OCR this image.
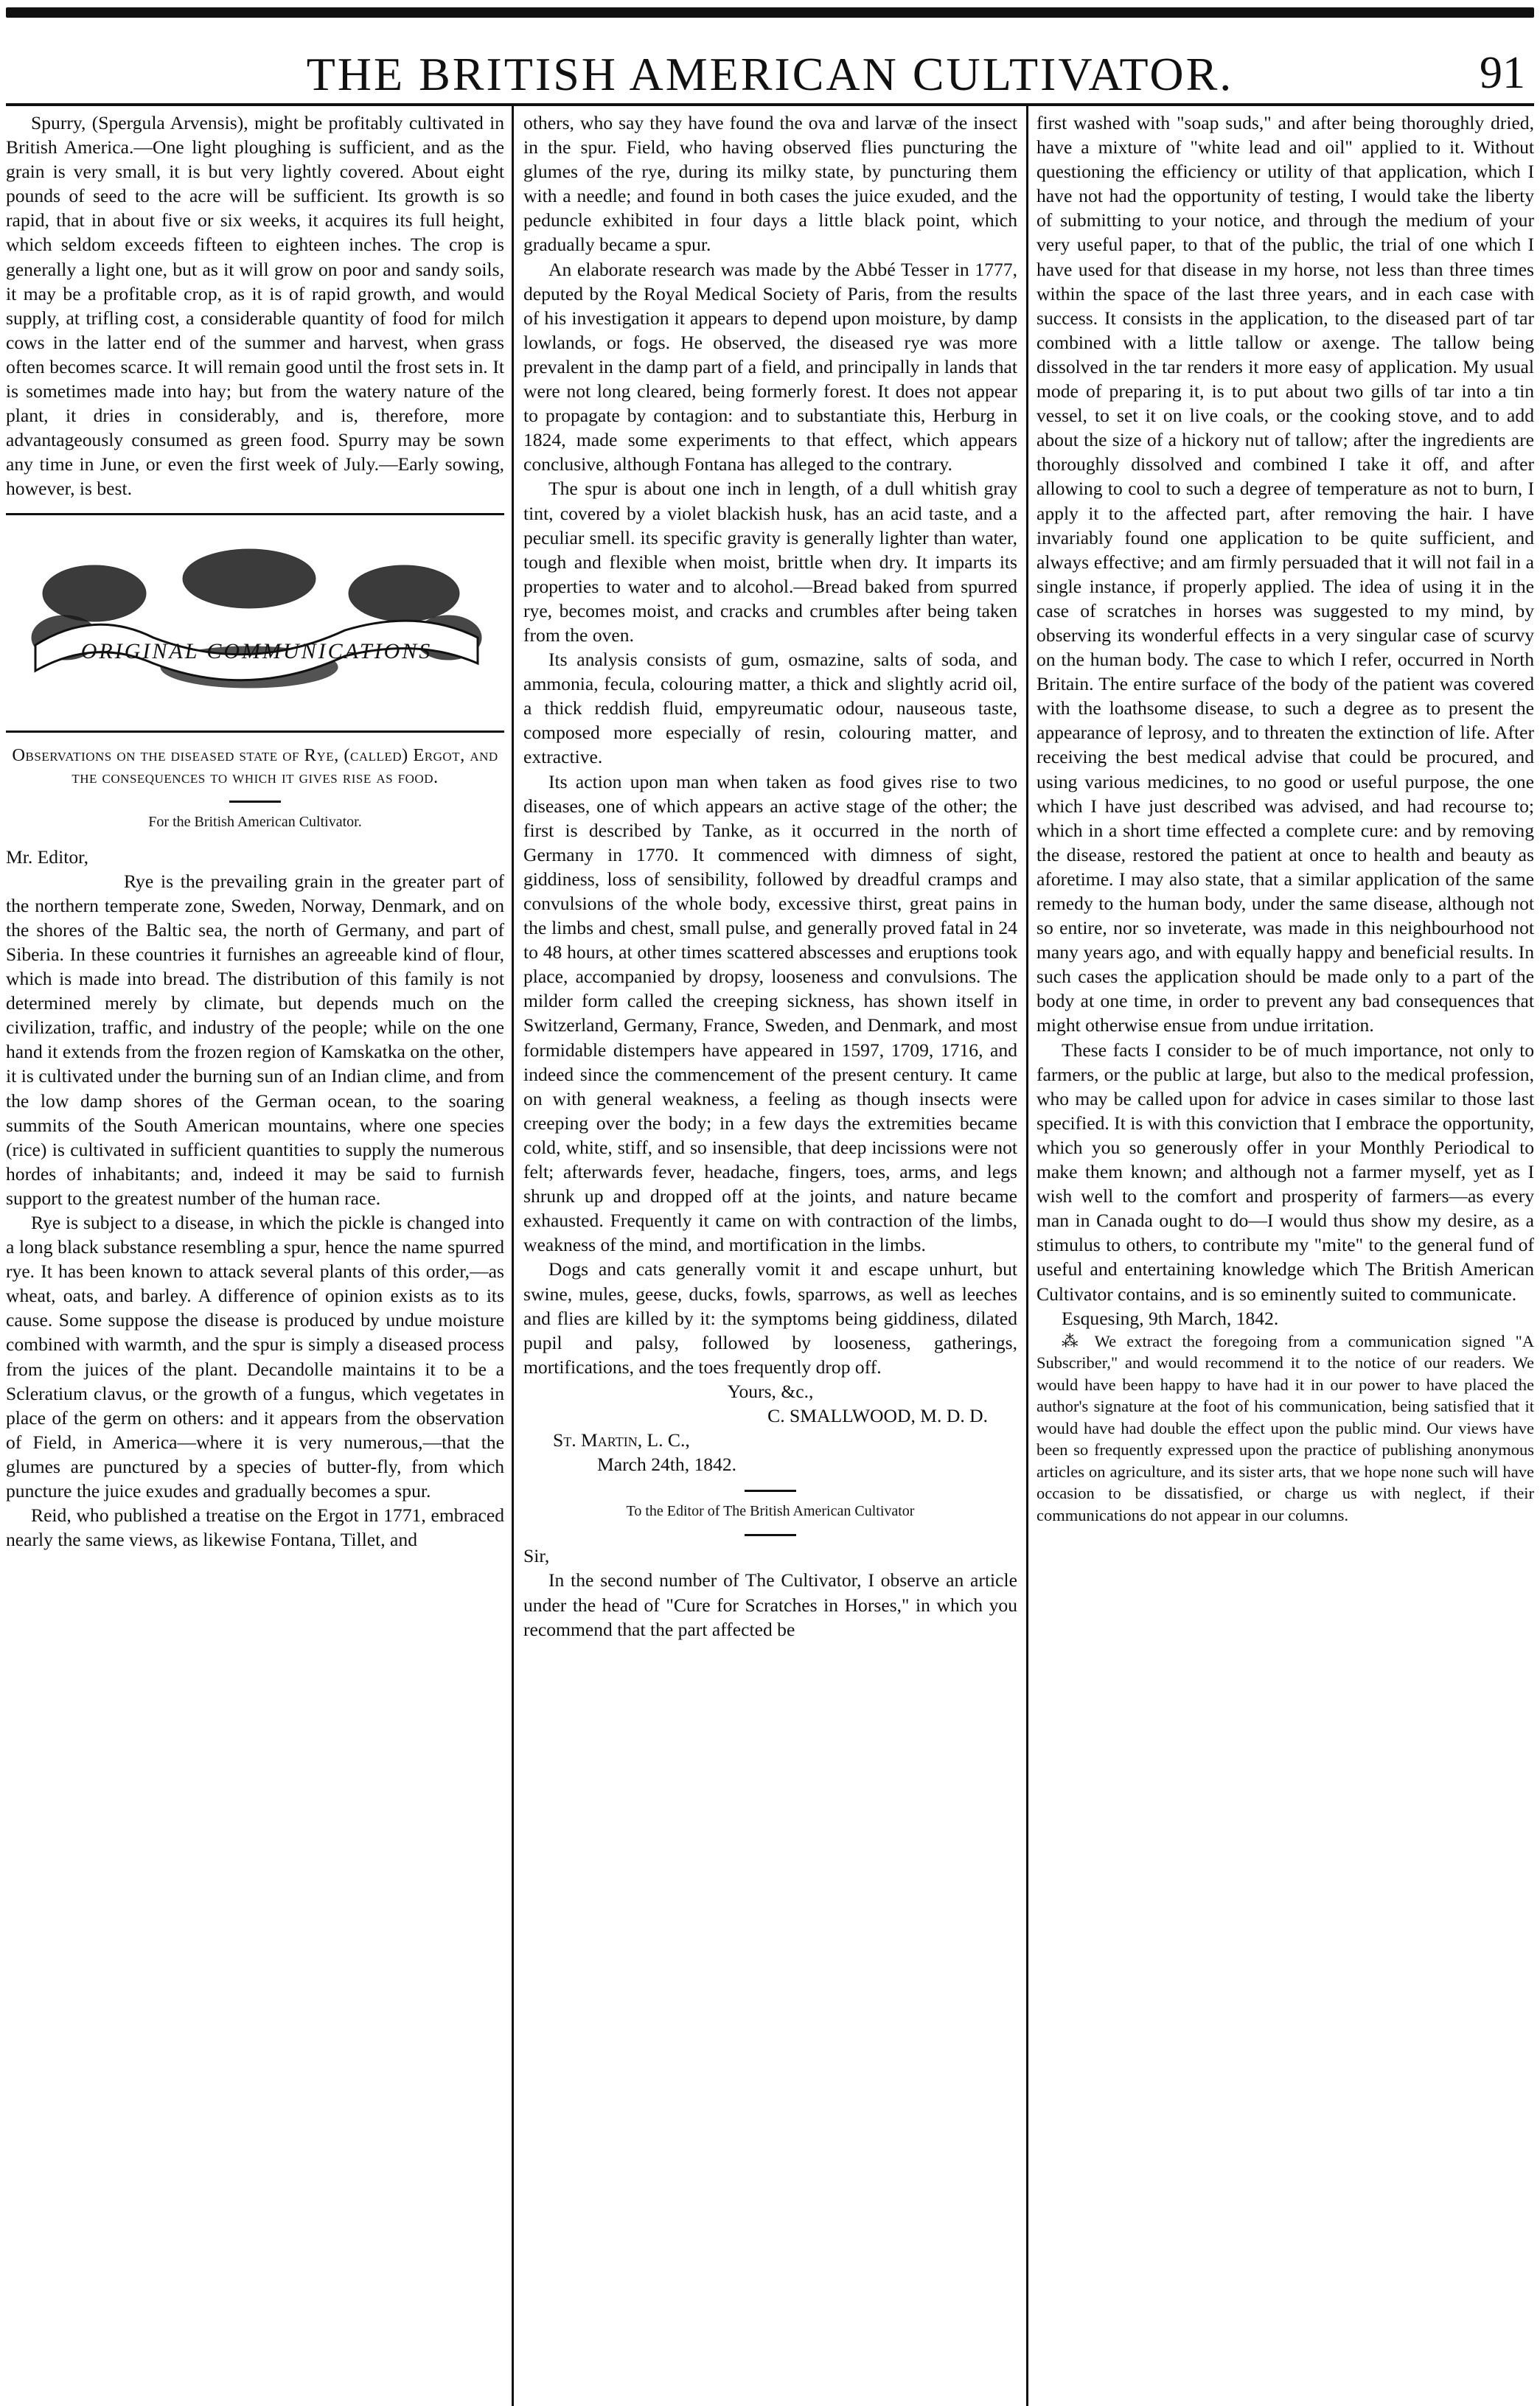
THE BRITISH AMERICAN CULTIVATOR.	91

Spurry, (Spergula Arvensis), might be profitably cultivated in British America.—One light ploughing is sufficient, and as the grain is very small, it is but very lightly covered. About eight pounds of seed to the acre will be sufficient. Its growth is so rapid, that in about five or six weeks, it acquires its full height, which seldom exceeds fifteen to eighteen inches. The crop is generally a light one, but as it will grow on poor and sandy soils, it may be a profitable crop, as it is of rapid growth, and would supply, at trifling cost, a considerable quantity of food for milch cows in the latter end of the summer and harvest, when grass often becomes scarce. It will remain good until the frost sets in. It is sometimes made into hay; but from the watery nature of the plant, it dries in considerably, and is, therefore, more advantageously consumed as green food. Spurry may be sown any time in June, or even the first week of July.—Early sowing, however, is best.

ORIGINAL COMMUNICATIONS
Observations on the diseased state of Rye, (called) Ergot, and the consequences to which it gives rise as food.
For the British American Cultivator.

Mr. Editor,

Rye is the prevailing grain in the greater part of the northern temperate zone, Sweden, Norway, Denmark, and on the shores of the Baltic sea, the north of Germany, and part of Siberia. In these countries it furnishes an agreeable kind of flour, which is made into bread. The distribution of this family is not determined merely by climate, but depends much on the civilization, traffic, and industry of the people; while on the one hand it extends from the frozen region of Kamskatka on the other, it is cultivated under the burning sun of an Indian clime, and from the low damp shores of the German ocean, to the soaring summits of the South American mountains, where one species (rice) is cultivated in sufficient quantities to supply the numerous hordes of inhabitants; and, indeed it may be said to furnish support to the greatest number of the human race.

Rye is subject to a disease, in which the pickle is changed into a long black substance resembling a spur, hence the name spurred rye. It has been known to attack several plants of this order,—as wheat, oats, and barley. A difference of opinion exists as to its cause. Some suppose the disease is produced by undue moisture combined with warmth, and the spur is simply a diseased process from the juices of the plant. Decandolle maintains it to be a Scleratium clavus, or the growth of a fungus, which vegetates in place of the germ on others: and it appears from the observation of Field, in America—where it is very numerous,—that the glumes are punctured by a species of butter-fly, from which puncture the juice exudes and gradually becomes a spur.

Reid, who published a treatise on the Ergot in 1771, embraced nearly the same views, as likewise Fontana, Tillet, and

others, who say they have found the ova and larvæ of the insect in the spur. Field, who having observed flies puncturing the glumes of the rye, during its milky state, by puncturing them with a needle; and found in both cases the juice exuded, and the peduncle exhibited in four days a little black point, which gradually became a spur.

An elaborate research was made by the Abbé Tesser in 1777, deputed by the Royal Medical Society of Paris, from the results of his investigation it appears to depend upon moisture, by damp lowlands, or fogs. He observed, the diseased rye was more prevalent in the damp part of a field, and principally in lands that were not long cleared, being formerly forest. It does not appear to propagate by contagion: and to substantiate this, Herburg in 1824, made some experiments to that effect, which appears conclusive, although Fontana has alleged to the contrary.

The spur is about one inch in length, of a dull whitish gray tint, covered by a violet blackish husk, has an acid taste, and a peculiar smell. its specific gravity is generally lighter than water, tough and flexible when moist, brittle when dry. It imparts its properties to water and to alcohol.—Bread baked from spurred rye, becomes moist, and cracks and crumbles after being taken from the oven.

Its analysis consists of gum, osmazine, salts of soda, and ammonia, fecula, colouring matter, a thick and slightly acrid oil, a thick reddish fluid, empyreumatic odour, nauseous taste, composed more especially of resin, colouring matter, and extractive.

Its action upon man when taken as food gives rise to two diseases, one of which appears an active stage of the other; the first is described by Tanke, as it occurred in the north of Germany in 1770. It commenced with dimness of sight, giddiness, loss of sensibility, followed by dreadful cramps and convulsions of the whole body, excessive thirst, great pains in the limbs and chest, small pulse, and generally proved fatal in 24 to 48 hours, at other times scattered abscesses and eruptions took place, accompanied by dropsy, looseness and convulsions. The milder form called the creeping sickness, has shown itself in Switzerland, Germany, France, Sweden, and Denmark, and most formidable distempers have appeared in 1597, 1709, 1716, and indeed since the commencement of the present century. It came on with general weakness, a feeling as though insects were creeping over the body; in a few days the extremities became cold, white, stiff, and so insensible, that deep incissions were not felt; afterwards fever, headache, fingers, toes, arms, and legs shrunk up and dropped off at the joints, and nature became exhausted. Frequently it came on with contraction of the limbs, weakness of the mind, and mortification in the limbs.

Dogs and cats generally vomit it and escape unhurt, but swine, mules, geese, ducks, fowls, sparrows, as well as leeches and flies are killed by it: the symptoms being giddiness, dilated pupil and palsy, followed by looseness, gatherings, mortifications, and the toes frequently drop off.

Yours, &c.,
C. SMALLWOOD, M. D. D.
St. Martin, L. C.,
March 24th, 1842.
To the Editor of The British American Cultivator

Sir,

In the second number of The Cultivator, I observe an article under the head of "Cure for Scratches in Horses," in which you recommend that the part affected be

first washed with "soap suds," and after being thoroughly dried, have a mixture of "white lead and oil" applied to it. Without questioning the efficiency or utility of that application, which I have not had the opportunity of testing, I would take the liberty of submitting to your notice, and through the medium of your very useful paper, to that of the public, the trial of one which I have used for that disease in my horse, not less than three times within the space of the last three years, and in each case with success. It consists in the application, to the diseased part of tar combined with a little tallow or axenge. The tallow being dissolved in the tar renders it more easy of application. My usual mode of preparing it, is to put about two gills of tar into a tin vessel, to set it on live coals, or the cooking stove, and to add about the size of a hickory nut of tallow; after the ingredients are thoroughly dissolved and combined I take it off, and after allowing to cool to such a degree of temperature as not to burn, I apply it to the affected part, after removing the hair. I have invariably found one application to be quite sufficient, and always effective; and am firmly persuaded that it will not fail in a single instance, if properly applied. The idea of using it in the case of scratches in horses was suggested to my mind, by observing its wonderful effects in a very singular case of scurvy on the human body. The case to which I refer, occurred in North Britain. The entire surface of the body of the patient was covered with the loathsome disease, to such a degree as to present the appearance of leprosy, and to threaten the extinction of life. After receiving the best medical advise that could be procured, and using various medicines, to no good or useful purpose, the one which I have just described was advised, and had recourse to; which in a short time effected a complete cure: and by removing the disease, restored the patient at once to health and beauty as aforetime. I may also state, that a similar application of the same remedy to the human body, under the same disease, although not so entire, nor so inveterate, was made in this neighbourhood not many years ago, and with equally happy and beneficial results. In such cases the application should be made only to a part of the body at one time, in order to prevent any bad consequences that might otherwise ensue from undue irritation.

These facts I consider to be of much importance, not only to farmers, or the public at large, but also to the medical profession, who may be called upon for advice in cases similar to those last specified. It is with this conviction that I embrace the opportunity, which you so generously offer in your Monthly Periodical to make them known; and although not a farmer myself, yet as I wish well to the comfort and prosperity of farmers—as every man in Canada ought to do—I would thus show my desire, as a stimulus to others, to contribute my "mite" to the general fund of useful and entertaining knowledge which The British American Cultivator contains, and is so eminently suited to communicate.

Esquesing, 9th March, 1842.

⁂ We extract the foregoing from a communication signed "A Subscriber," and would recommend it to the notice of our readers. We would have been happy to have had it in our power to have placed the author's signature at the foot of his communication, being satisfied that it would have had double the effect upon the public mind. Our views have been so frequently expressed upon the practice of publishing anonymous articles on agriculture, and its sister arts, that we hope none such will have occasion to be dissatisfied, or charge us with neglect, if their communications do not appear in our columns.
